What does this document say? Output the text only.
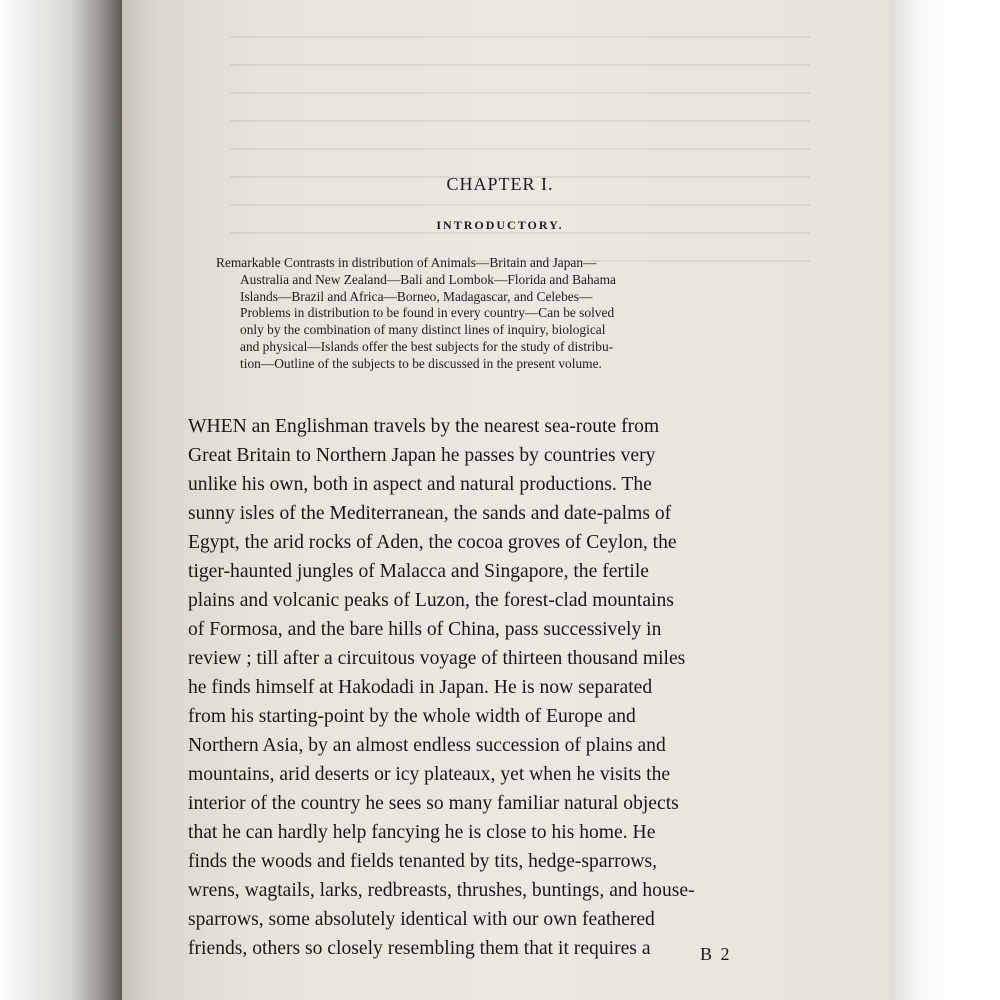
CHAPTER I.
INTRODUCTORY.
Remarkable Contrasts in distribution of Animals—Britain and Japan—
Australia and New Zealand—Bali and Lombok—Florida and Bahama
Islands—Brazil and Africa—Borneo, Madagascar, and Celebes—
Problems in distribution to be found in every country—Can be solved
only by the combination of many distinct lines of inquiry, biological
and physical—Islands offer the best subjects for the study of distribu-
tion—Outline of the subjects to be discussed in the present volume.
WHEN an Englishman travels by the nearest sea-route from
Great Britain to Northern Japan he passes by countries very
unlike his own, both in aspect and natural productions. The
sunny isles of the Mediterranean, the sands and date-palms of
Egypt, the arid rocks of Aden, the cocoa groves of Ceylon, the
tiger-haunted jungles of Malacca and Singapore, the fertile
plains and volcanic peaks of Luzon, the forest-clad mountains
of Formosa, and the bare hills of China, pass successively in
review ; till after a circuitous voyage of thirteen thousand miles
he finds himself at Hakodadi in Japan. He is now separated
from his starting-point by the whole width of Europe and
Northern Asia, by an almost endless succession of plains and
mountains, arid deserts or icy plateaux, yet when he visits the
interior of the country he sees so many familiar natural objects
that he can hardly help fancying he is close to his home. He
finds the woods and fields tenanted by tits, hedge-sparrows,
wrens, wagtails, larks, redbreasts, thrushes, buntings, and house-
sparrows, some absolutely identical with our own feathered
friends, others so closely resembling them that it requires a	B 2
